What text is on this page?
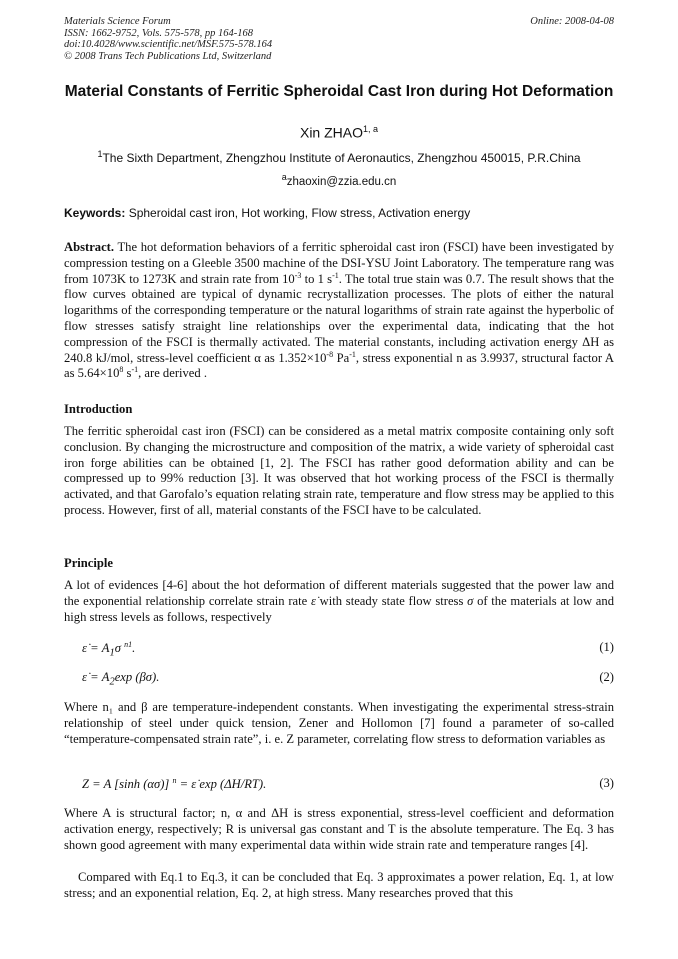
Materials Science Forum
ISSN: 1662-9752, Vols. 575-578, pp 164-168
doi:10.4028/www.scientific.net/MSF.575-578.164
© 2008 Trans Tech Publications Ltd, Switzerland
Online: 2008-04-08
Material Constants of Ferritic Spheroidal Cast Iron during Hot Deformation
Xin ZHAO$^{1, a}$
$^1$The Sixth Department, Zhengzhou Institute of Aeronautics, Zhengzhou 450015, P.R.China
$^a$zhaoxin@zzia.edu.cn
Keywords: Spheroidal cast iron, Hot working, Flow stress, Activation energy
Abstract. The hot deformation behaviors of a ferritic spheroidal cast iron (FSCI) have been investigated by compression testing on a Gleeble 3500 machine of the DSI-YSU Joint Laboratory. The temperature rang was from 1073K to 1273K and strain rate from $10^{-3}$ to 1 $s^{-1}$. The total true stain was 0.7. The result shows that the flow curves obtained are typical of dynamic recrystallization processes. The plots of either the natural logarithms of the corresponding temperature or the natural logarithms of strain rate against the hyperbolic of flow stresses satisfy straight line relationships over the experimental data, indicating that the hot compression of the FSCI is thermally activated. The material constants, including activation energy ΔH as 240.8 kJ/mol, stress-level coefficient α as $1.352\times 10^{-8}$ $Pa^{-1}$, stress exponential n as 3.9937, structural factor A as $5.64\times 10^8$ $s^{-1}$, are derived .
Introduction
The ferritic spheroidal cast iron (FSCI) can be considered as a metal matrix composite containing only soft conclusion. By changing the microstructure and composition of the matrix, a wide variety of spheroidal cast iron forge abilities can be obtained [1, 2]. The FSCI has rather good deformation ability and can be compressed up to 99% reduction [3]. It was observed that hot working process of the FSCI is thermally activated, and that Garofalo’s equation relating strain rate, temperature and flow stress may be applied to this process. However, first of all, material constants of the FSCI have to be calculated.
Principle
A lot of evidences [4-6] about the hot deformation of different materials suggested that the power law and the exponential relationship correlate strain rate ε̇ with steady state flow stress σ of the materials at low and high stress levels as follows, respectively
ε̇ = $A_1\sigma$ $^{n1}$.	(1)
ε̇ = $A_2\exp$ (βσ).	(2)
Where n₁ and β are temperature-independent constants. When investigating the experimental stress-strain relationship of steel under quick tension, Zener and Hollomon [7] found a parameter of so-called “temperature-compensated strain rate”, i. e. Z parameter, correlating flow stress to deformation variables as
Z = A [sinh (ασ)] $^n$ = ε̇ exp (ΔH/RT).	(3)
Where A is structural factor; n, α and ΔH is stress exponential, stress-level coefficient and deformation activation energy, respectively; R is universal gas constant and T is the absolute temperature. The Eq. 3 has shown good agreement with many experimental data within wide strain rate and temperature ranges [4].
Compared with Eq.1 to Eq.3, it can be concluded that Eq. 3 approximates a power relation, Eq. 1, at low stress; and an exponential relation, Eq. 2, at high stress. Many researches proved that this
